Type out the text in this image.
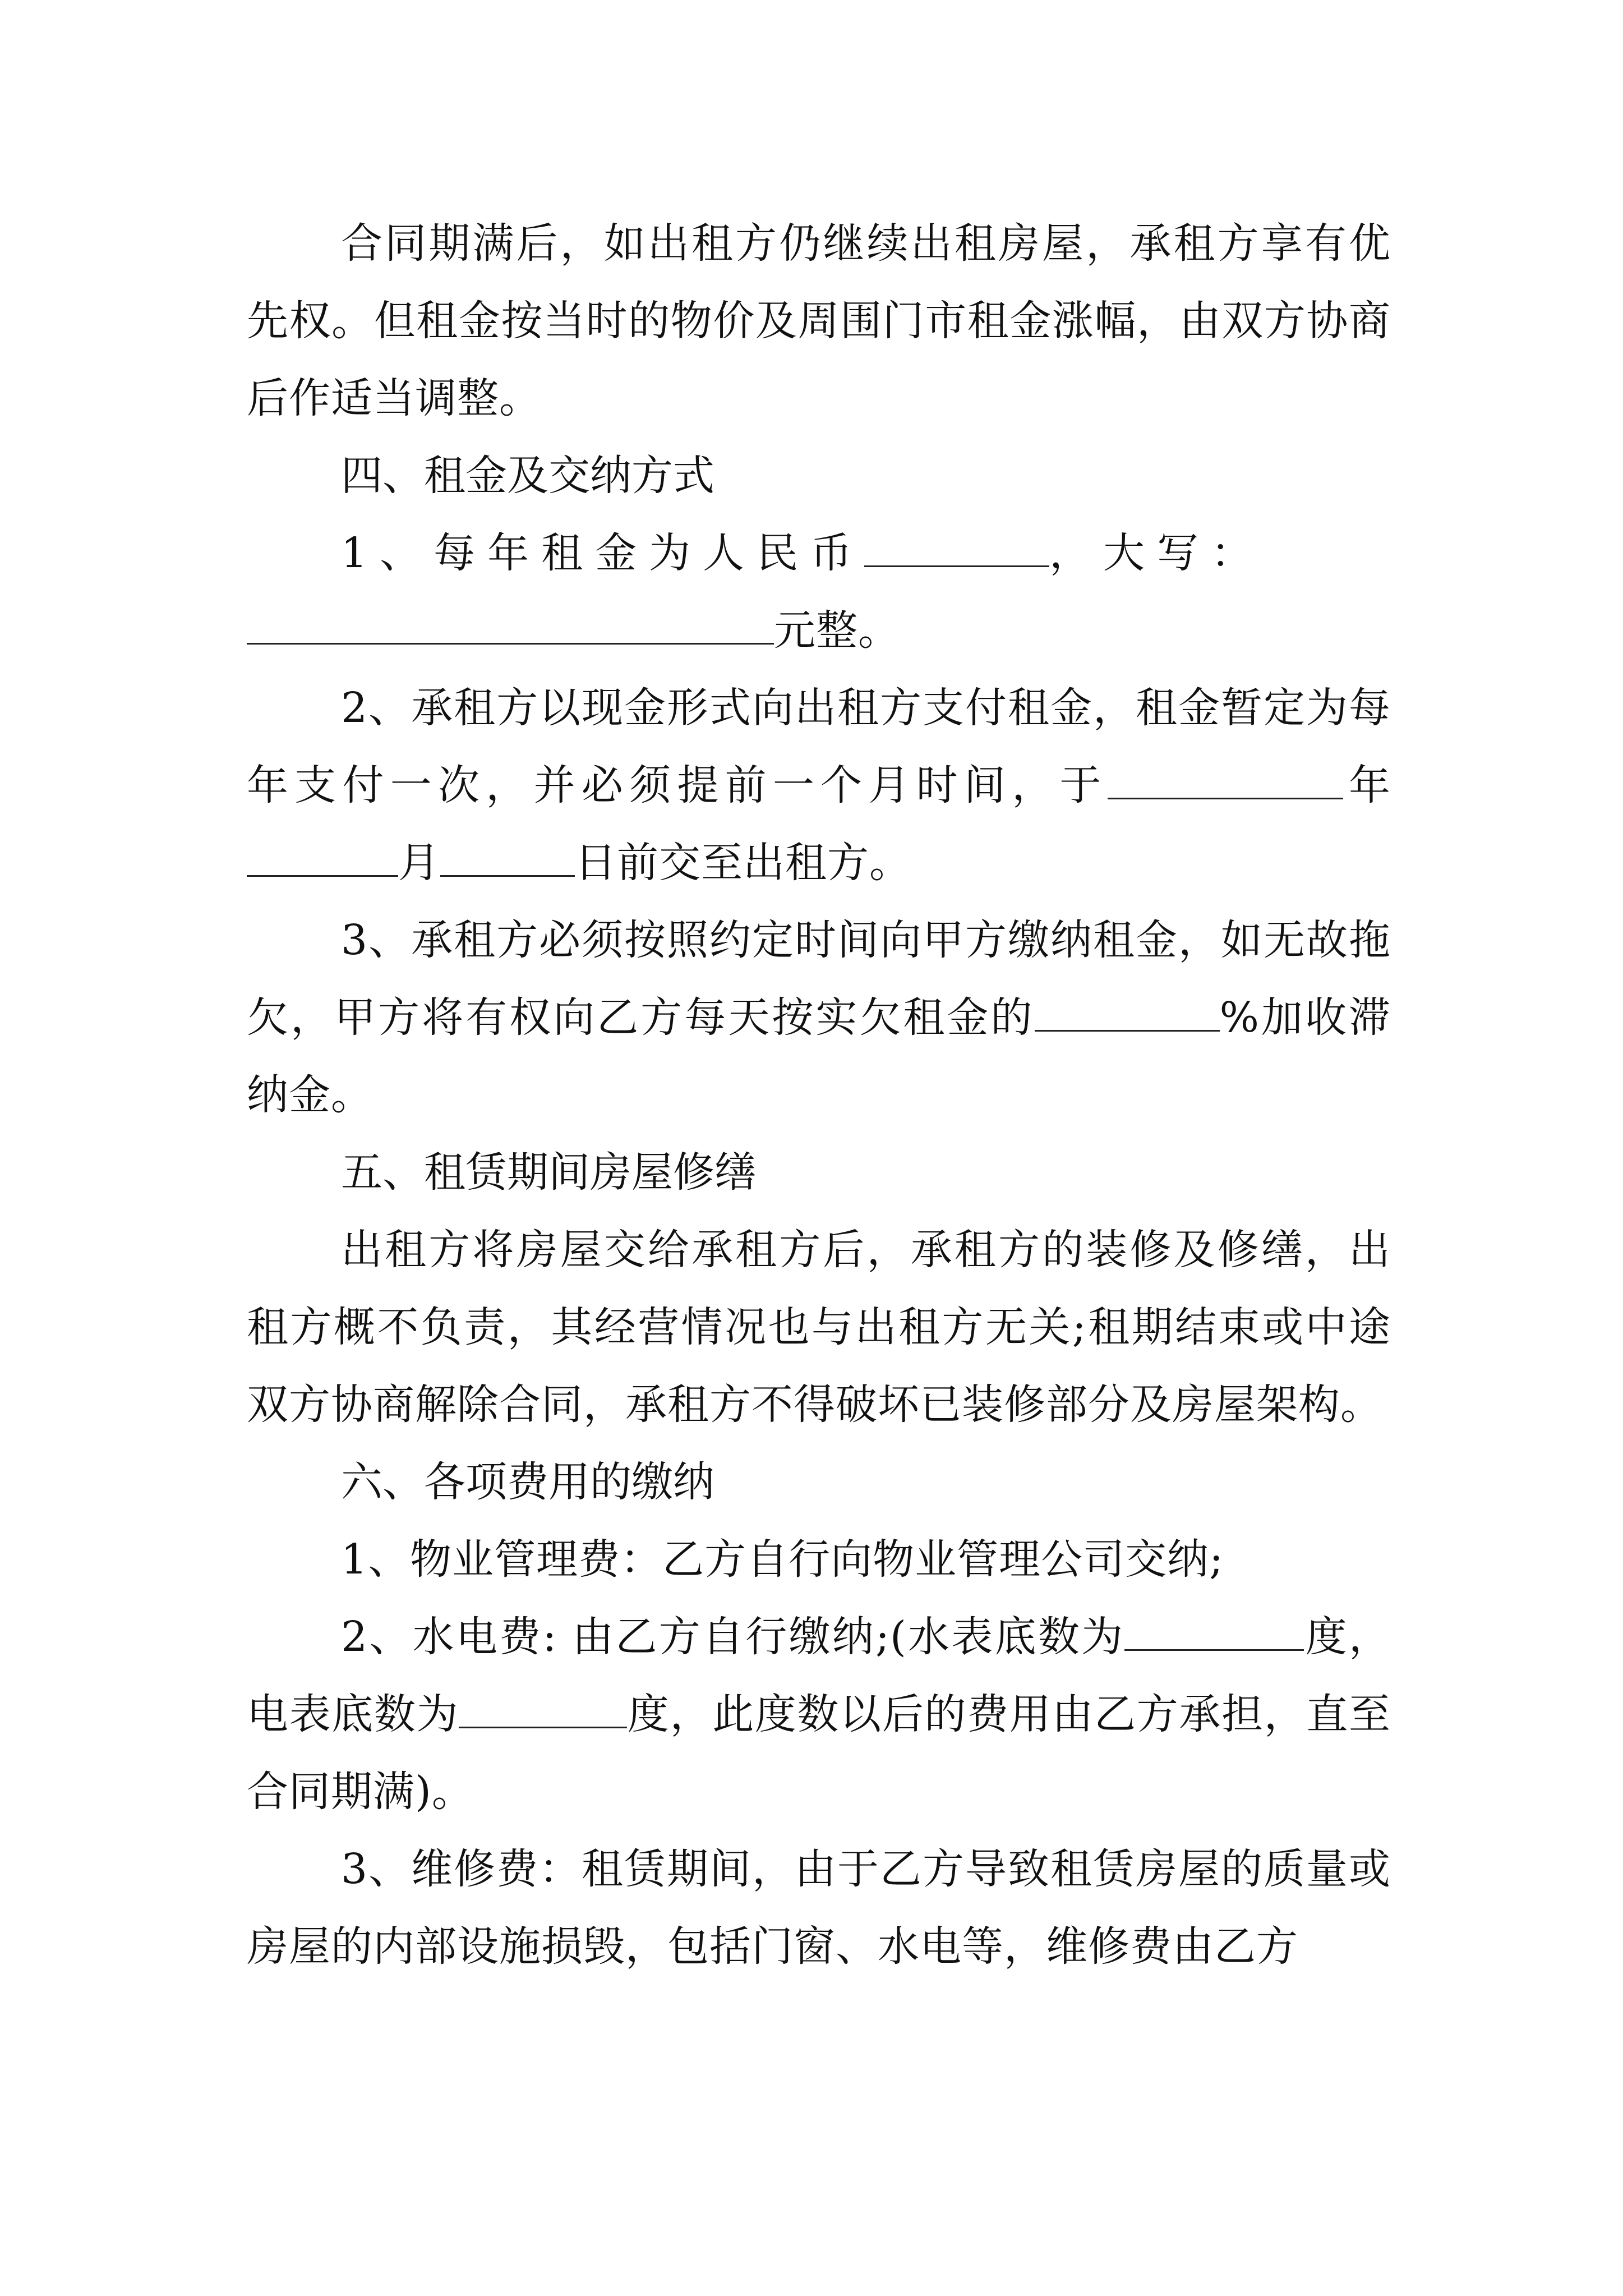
合同期满后，如出租方仍继续出租房屋，承租方享有优先权。但租金按当时的物价及周围门市租金涨幅，由双方协商后作适当调整。

四、租金及交纳方式

1、每年租金为人民币	，大写：
元整。

2、承租方以现金形式向出租方支付租金，租金暂定为每年支付一次，并必须提前一个月时间，于	年月	日前交至出租方。

3、承租方必须按照约定时间向甲方缴纳租金，如无故拖欠，甲方将有权向乙方每天按实欠租金的	%加收滞纳金。

五、租赁期间房屋修缮

出租方将房屋交给承租方后，承租方的装修及修缮，出租方概不负责，其经营情况也与出租方无关;租期结束或中途双方协商解除合同，承租方不得破坏已装修部分及房屋架构。

六、各项费用的缴纳

1、物业管理费：乙方自行向物业管理公司交纳;

2、水电费: 由乙方自行缴纳;(水表底数为	度，电表底数为	度，此度数以后的费用由乙方承担，直至合同期满)。

3、维修费：租赁期间，由于乙方导致租赁房屋的质量或房屋的内部设施损毁，包括门窗、水电等，维修费由乙方
